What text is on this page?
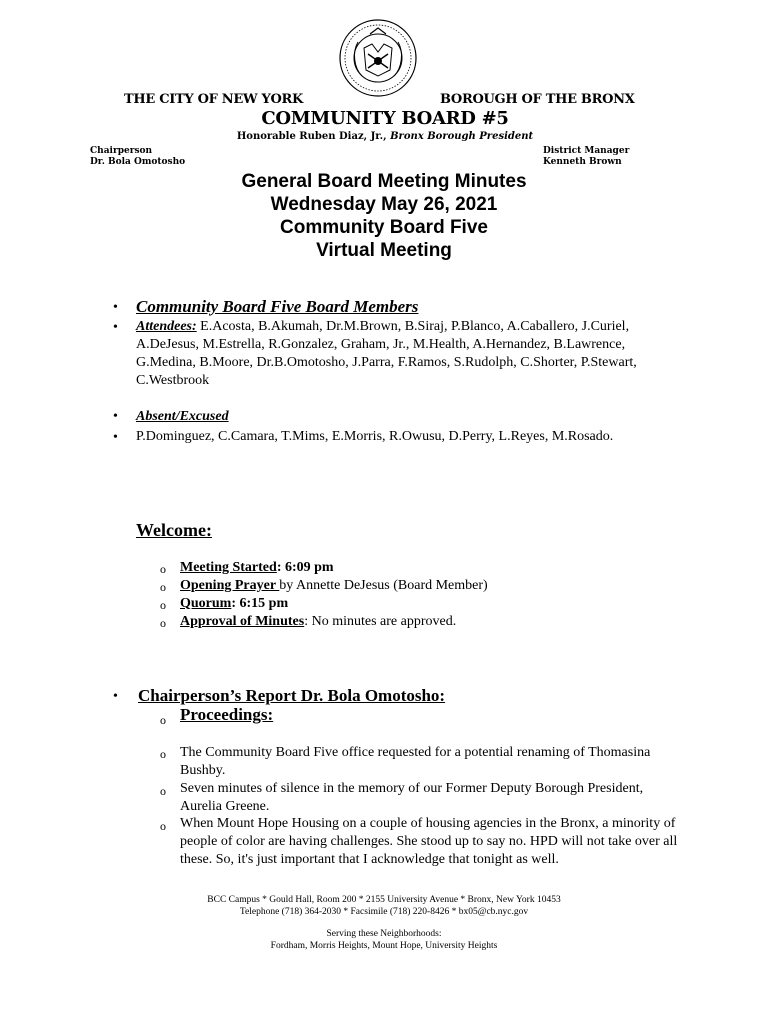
THE CITY OF NEW YORK	BOROUGH OF THE BRONX
COMMUNITY BOARD #5
Honorable Ruben Diaz, Jr., Bronx Borough President
Chairperson
Dr. Bola Omotosho
District Manager
Kenneth Brown
General Board Meeting Minutes
Wednesday May 26, 2021
Community Board Five
Virtual Meeting
• Community Board Five Board Members
• Attendees: E.Acosta, B.Akumah, Dr.M.Brown, B.Siraj, P.Blanco, A.Caballero, J.Curiel, A.DeJesus, M.Estrella, R.Gonzalez, Graham, Jr., M.Health, A.Hernandez, B.Lawrence, G.Medina, B.Moore, Dr.B.Omotosho, J.Parra, F.Ramos, S.Rudolph, C.Shorter, P.Stewart, C.Westbrook
• Absent/Excused
• P.Dominguez, C.Camara, T.Mims, E.Morris, R.Owusu, D.Perry, L.Reyes, M.Rosado.
Welcome:
o Meeting Started: 6:09 pm
o Opening Prayer by Annette DeJesus (Board Member)
o Quorum: 6:15 pm
o Approval of Minutes: No minutes are approved.
• Chairperson’s Report Dr. Bola Omotosho:
o Proceedings:
o The Community Board Five office requested for a potential renaming of Thomasina Bushby.
o Seven minutes of silence in the memory of our Former Deputy Borough President, Aurelia Greene.
o When Mount Hope Housing on a couple of housing agencies in the Bronx, a minority of people of color are having challenges. She stood up to say no. HPD will not take over all these. So, it's just important that I acknowledge that tonight as well.
BCC Campus * Gould Hall, Room 200 * 2155 University Avenue * Bronx, New York 10453
Telephone (718) 364-2030 * Facsimile (718) 220-8426 * bx05@cb.nyc.gov
Serving these Neighborhoods:
Fordham, Morris Heights, Mount Hope, University Heights
